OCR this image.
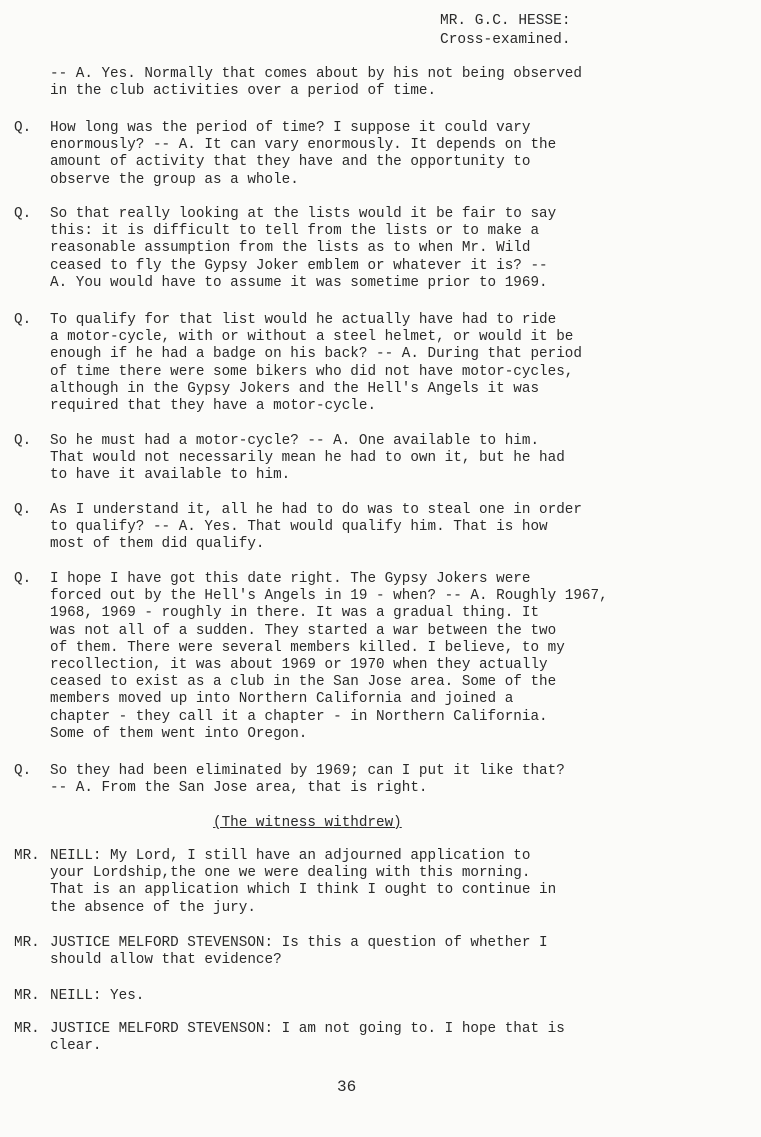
MR. G.C. HESSE:
Cross-examined.
-- A. Yes. Normally that comes about by his not being observed
in the club activities over a period of time.
Q.	How long was the period of time? I suppose it could vary
enormously? -- A. It can vary enormously. It depends on the
amount of activity that they have and the opportunity to
observe the group as a whole.
Q.	So that really looking at the lists would it be fair to say
this: it is difficult to tell from the lists or to make a
reasonable assumption from the lists as to when Mr. Wild
ceased to fly the Gypsy Joker emblem or whatever it is? --
A. You would have to assume it was sometime prior to 1969.
Q.	To qualify for that list would he actually have had to ride
a motor-cycle, with or without a steel helmet, or would it be
enough if he had a badge on his back? -- A. During that period
of time there were some bikers who did not have motor-cycles,
although in the Gypsy Jokers and the Hell's Angels it was
required that they have a motor-cycle.
Q.	So he must had a motor-cycle? -- A. One available to him.
That would not necessarily mean he had to own it, but he had
to have it available to him.
Q.	As I understand it, all he had to do was to steal one in order
to qualify? -- A. Yes. That would qualify him. That is how
most of them did qualify.
Q.	I hope I have got this date right. The Gypsy Jokers were
forced out by the Hell's Angels in 19 - when? -- A. Roughly 1967,
1968, 1969 - roughly in there. It was a gradual thing. It
was not all of a sudden. They started a war between the two
of them. There were several members killed. I believe, to my
recollection, it was about 1969 or 1970 when they actually
ceased to exist as a club in the San Jose area. Some of the
members moved up into Northern California and joined a
chapter - they call it a chapter - in Northern California.
Some of them went into Oregon.
Q.	So they had been eliminated by 1969; can I put it like that?
-- A. From the San Jose area, that is right.
(The witness withdrew)
MR. NEILL: My Lord, I still have an adjourned application to
your Lordship,the one we were dealing with this morning.
That is an application which I think I ought to continue in
the absence of the jury.
MR. JUSTICE MELFORD STEVENSON: Is this a question of whether I
should allow that evidence?
MR. NEILL: Yes.
MR. JUSTICE MELFORD STEVENSON: I am not going to. I hope that is
clear.
36
